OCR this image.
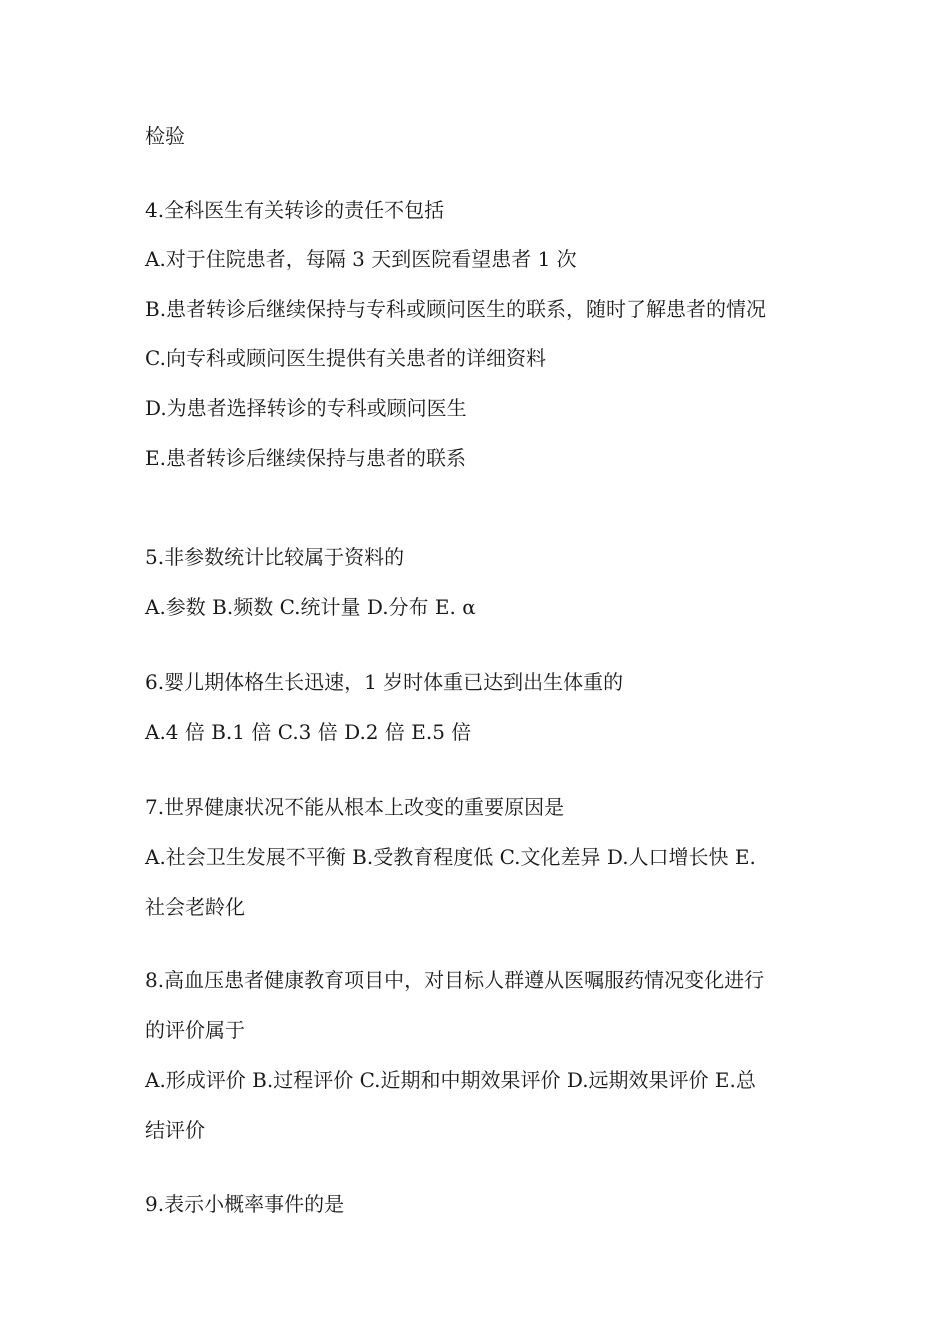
检验
4.全科医生有关转诊的责任不包括
A.对于住院患者，每隔 3 天到医院看望患者 1 次
B.患者转诊后继续保持与专科或顾问医生的联系，随时了解患者的情况
C.向专科或顾问医生提供有关患者的详细资料
D.为患者选择转诊的专科或顾问医生
E.患者转诊后继续保持与患者的联系
5.非参数统计比较属于资料的
A.参数 B.频数 C.统计量 D.分布 E. α
6.婴儿期体格生长迅速，1 岁时体重已达到出生体重的
A.4 倍 B.1 倍 C.3 倍 D.2 倍 E.5 倍
7.世界健康状况不能从根本上改变的重要原因是
A.社会卫生发展不平衡 B.受教育程度低 C.文化差异 D.人口增长快 E.
社会老龄化
8.高血压患者健康教育项目中，对目标人群遵从医嘱服药情况变化进行
的评价属于
A.形成评价 B.过程评价 C.近期和中期效果评价 D.远期效果评价 E.总
结评价
9.表示小概率事件的是
